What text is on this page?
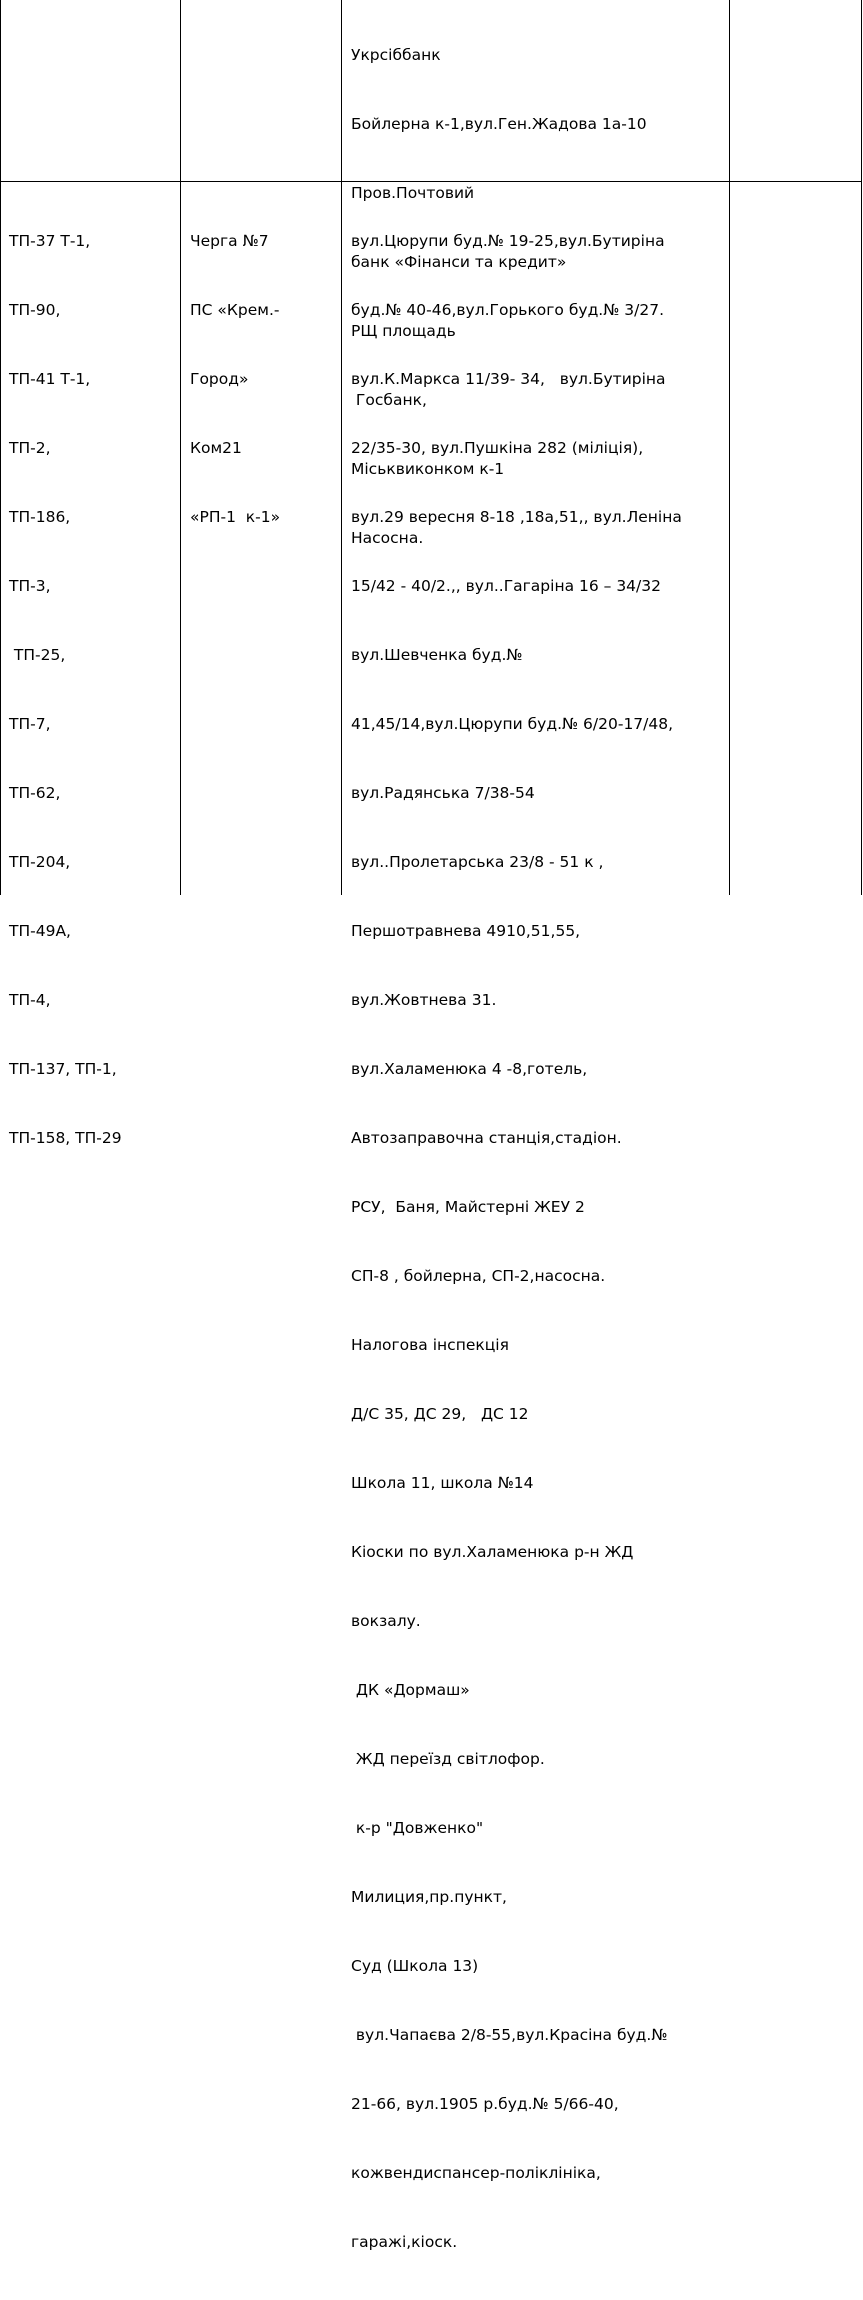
Укрсіббанк

Бойлерна к-1,вул.Ген.Жадова 1а-10

Пров.Почтовий

банк «Фінанси та кредит»

РЩ площадь

Госбанк,

Міськвиконком к-1

Насосна.

ТП-37 Т-1,

ТП-90,

ТП-41 Т-1,

ТП-2,

ТП-186,

ТП-3,

ТП-25,

ТП-7,

ТП-62,

ТП-204,

ТП-49А,

ТП-4,

ТП-137, ТП-1,

ТП-158, ТП-29

Черга №7

ПС «Крем.-

Город»

Ком21

«РП-1  к-1»

вул.Цюрупи буд.№ 19-25,вул.Бутиріна

буд.№ 40-46,вул.Горького буд.№ 3/27.

вул.К.Маркса 11/39- 34,   вул.Бутиріна

22/35-30, вул.Пушкіна 282 (міліція),

вул.29 вересня 8-18 ,18а,51,, вул.Леніна

15/42 - 40/2.,, вул..Гагаріна 16 – 34/32

вул.Шевченка буд.№

41,45/14,вул.Цюрупи буд.№ 6/20-17/48,

вул.Радянська 7/38-54

вул..Пролетарська 23/8 - 51 к ,

Першотравнева 4910,51,55,

вул.Жовтнева 31.

вул.Халаменюка 4 -8,готель,

Автозаправочна станція,стадіон.

РСУ,  Баня, Майстерні ЖЕУ 2

СП-8 , бойлерна, СП-2,насосна.

Налогова інспекція

Д/С 35, ДС 29,   ДС 12

Школа 11, школа №14

Кіоски по вул.Халаменюка р-н ЖД

вокзалу.

ДК «Дормаш»

ЖД переїзд світлофор.

к-р "Довженко"

Милиция,пр.пункт,

Суд (Школа 13)

вул.Чапаєва 2/8-55,вул.Красіна буд.№

21-66, вул.1905 р.буд.№ 5/66-40,

кожвендиспансер-поліклініка,

гаражі,кіоск.
